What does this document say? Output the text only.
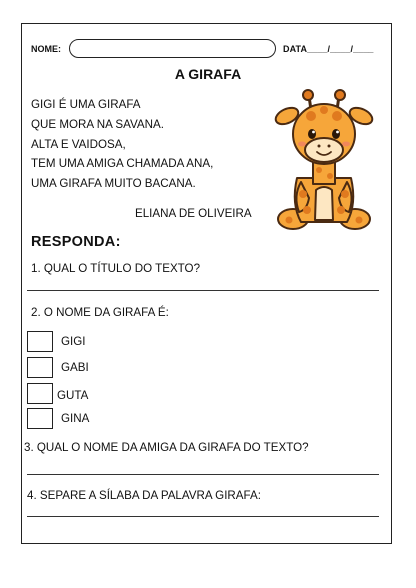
NOME:	DATA____/____/____
A GIRAFA
GIGI É UMA GIRAFA
QUE MORA NA SAVANA.
ALTA E VAIDOSA,
TEM UMA AMIGA CHAMADA ANA,
UMA GIRAFA MUITO BACANA.
ELIANA DE OLIVEIRA
RESPONDA:
1. QUAL O TÍTULO DO TEXTO?
2. O NOME DA GIRAFA É:
GIGI
GABI
GUTA
GINA
3. QUAL O NOME DA AMIGA DA GIRAFA DO TEXTO?
4. SEPARE A SÍLABA DA PALAVRA GIRAFA:
